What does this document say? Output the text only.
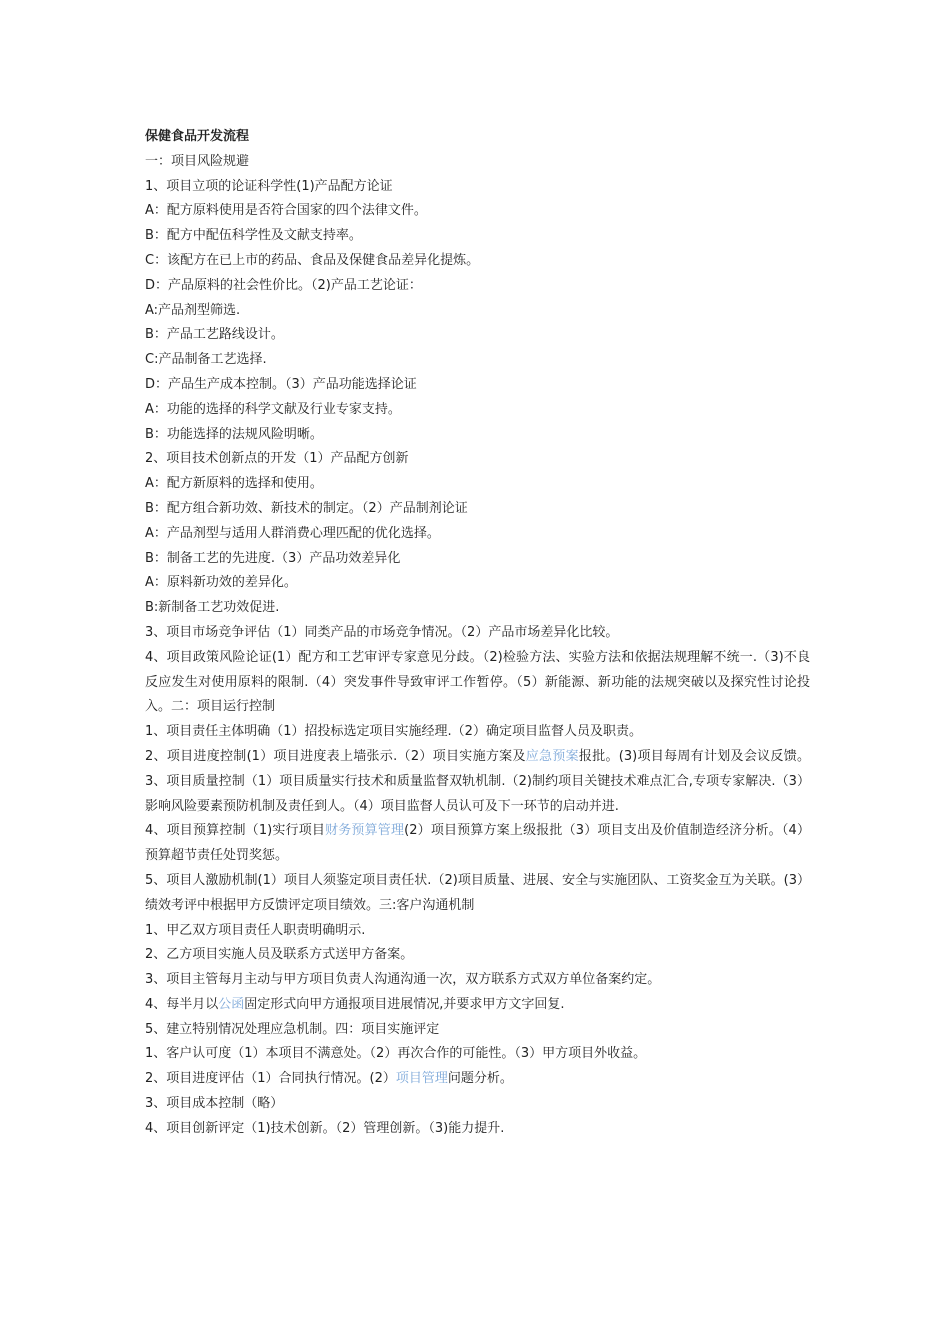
保健食品开发流程
一：项目风险规避
1、项目立项的论证科学性(1)产品配方论证
A：配方原料使用是否符合国家的四个法律文件。
B：配方中配伍科学性及文献支持率。
C：该配方在已上市的药品、食品及保健食品差异化提炼。
D：产品原料的社会性价比。（2)产品工艺论证：
A:产品剂型筛选.
B：产品工艺路线设计。
C:产品制备工艺选择.
D：产品生产成本控制。（3）产品功能选择论证
A：功能的选择的科学文献及行业专家支持。
B：功能选择的法规风险明晰。
2、项目技术创新点的开发（1）产品配方创新
A：配方新原料的选择和使用。
B：配方组合新功效、新技术的制定。（2）产品制剂论证
A：产品剂型与适用人群消费心理匹配的优化选择。
B：制备工艺的先进度.（3）产品功效差异化
A：原料新功效的差异化。
B:新制备工艺功效促进.
3、项目市场竞争评估（1）同类产品的市场竞争情况。（2）产品市场差异化比较。
4、项目政策风险论证(1）配方和工艺审评专家意见分歧。（2)检验方法、实验方法和依据法规理解不统一.（3)不良反应发生对使用原料的限制.（4）突发事件导致审评工作暂停。（5）新能源、新功能的法规突破以及探究性讨论投入。二：项目运行控制
1、项目责任主体明确（1）招投标选定项目实施经理.（2）确定项目监督人员及职责。
2、项目进度控制(1）项目进度表上墙张示.（2）项目实施方案及应急预案报批。(3)项目每周有计划及会议反馈。3、项目质量控制（1）项目质量实行技术和质量监督双轨机制.（2)制约项目关键技术难点汇合,专项专家解决.（3）影响风险要素预防机制及责任到人。（4）项目监督人员认可及下一环节的启动并进.
4、项目预算控制（1)实行项目财务预算管理(2）项目预算方案上级报批（3）项目支出及价值制造经济分析。（4）预算超节责任处罚奖惩。
5、项目人激励机制(1）项目人须鉴定项目责任状.（2)项目质量、进展、安全与实施团队、工资奖金互为关联。(3）绩效考评中根据甲方反馈评定项目绩效。三:客户沟通机制
1、甲乙双方项目责任人职责明确明示.
2、乙方项目实施人员及联系方式送甲方备案。
3、项目主管每月主动与甲方项目负责人沟通沟通一次，双方联系方式双方单位备案约定。
4、每半月以公函固定形式向甲方通报项目进展情况,并要求甲方文字回复.
5、建立特别情况处理应急机制。四：项目实施评定
1、客户认可度（1）本项目不满意处。（2）再次合作的可能性。（3）甲方项目外收益。
2、项目进度评估（1）合同执行情况。(2）项目管理问题分析。
3、项目成本控制（略）
4、项目创新评定（1)技术创新。（2）管理创新。（3)能力提升.
